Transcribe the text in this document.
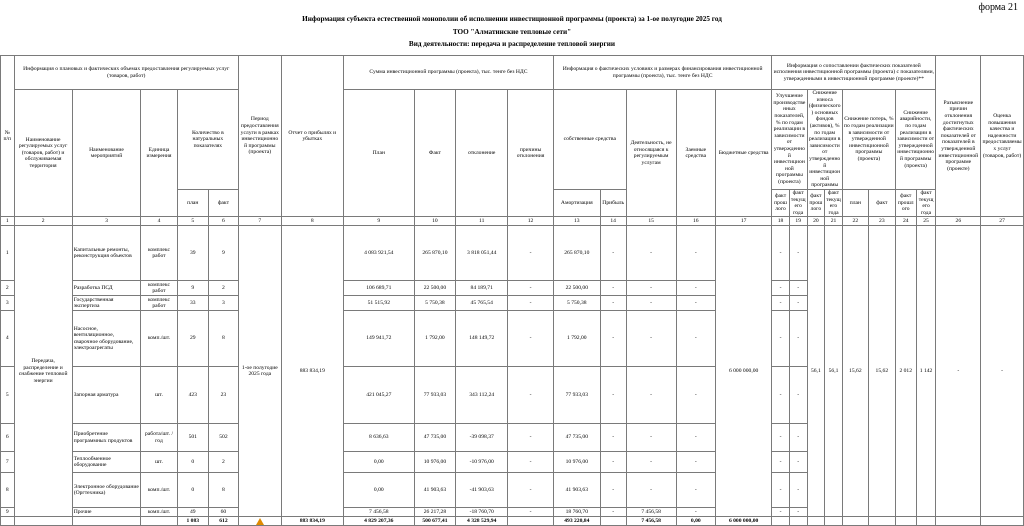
форма 21
Информация субъекта естественной монополии об исполнении инвестиционной программы (проекта) за 1-ое полугодие 2025 год
ТОО "Алматинские тепловые сети"
Вид деятельности: передача и распределение тепловой энергии
№ п/п	Информация о плановых и фактических объемах предоставления регулируемых услуг (товаров, работ)					Период предоставления услуги в рамках инвестиционной программы (проекта)	Отчет о прибылях и убытках	Сумма инвестиционной программы (проекта), тыс. тенге без НДС				Информация о фактических условиях и размерах финансирования инвестиционной программы (проекта), тыс. тенге без НДС					Информация о сопоставлении фактических показателей исполнения инвестиционной программы (проекта) с показателями, утвержденными в инвестиционной программе (проекте)**								Разъяснение причин отклонения достигнутых фактических показателей от показателей в утвержденной инвестиционной программе (проекте)	Оценка повышения качества и надежности предоставляемых услуг (товаров, работ)
	Наименование регулируемых услуг (товаров, работ) и обслуживаемая территория	Наименование мероприятий	Единица измерения	Количество в натуральных показателях				План	Факт	отклонение	причины отклонения	собственные средства		Деятельность, не относящаяся к регулируемым услугам	Заемные средства	Бюджетные средства	Улучшение производственных показателей, % по годам реализации в зависимости от утвержденной инвестиционной программы (проекта)		Снижение износа (физического) основных фондов (активов), % по годам реализации в зависимости от утвержденной инвестиционной программы		Снижение потерь, % по годам реализации в зависимости от утвержденной инвестиционной программы (проекта)		Снижение аварийности, по годам реализации в зависимости от утвержденной инвестиционной программы (проекта)			
				план	факт							Амортизация	Прибыль				факт прошлого	факт текущего года	факт прошлого	факт текущего года	план	факт	факт прошлого	факт текущего года		
1	2	3	4	5	6	7	8	9	10	11	12	13	14	15	16	17	18	19	20	21	22	23	24	25	26	27
1	Передача, распределение и снабжение тепловой энергии	Капитальные ремонты, реконструкция объектов	комплекс работ	39	9	1-ое полугодие 2025 года	883 834,19	4 083 921,54	265 870,10	3 818 051,44	-	265 870,10	-	-	-	6 000 000,00	-	-	56,1	56,1	15,62	15,62	2 012	1 142	-	-
2		Разработка ПСД	комплекс работ	9	2			106 689,71	22 500,00	84 189,71	-	22 500,00	-	-	-		-	-								
3		Государственная экспертиза	комплекс работ	33	3			51 515,92	5 750,38	45 765,54	-	5 750,38	-	-	-		-	-								
4		Насосное, вентиляционное, сварочное оборудование, электроагрегаты	комп./шт.	29	8			149 941,72	1 792,00	148 149,72	-	1 792,00	-	-	-		-	-								
5		Запорная арматура	шт.	423	23			421 045,27	77 933,03	343 112,24	-	77 933,03	-	-	-		-	-								
6		Приобретение программных продуктов	работа/шт. /год	501	502			8 636,63	47 735,00	-39 098,37	-	47 735,00	-	-	-		-	-								
7		Теплообменное оборудование	шт.	0	2			0,00	10 976,00	-10 976,00	-	10 976,00	-	-	-		-	-								
8		Электронное оборудование (Оргтехника)	комп./шт.	0	8			0,00	41 903,63	-41 903,63	-	41 903,63	-	-	-		-	-								
9		Прочие	комп./шт.	49	60			7 456,58	26 217,28	-18 760,70	-	18 760,70	-	7 456,58	-		-	-								
				1 083	612		883 834,19	4 829 207,36	500 677,41	4 328 529,94		493 220,84		7 456,58	0,00	6 000 000,00										
